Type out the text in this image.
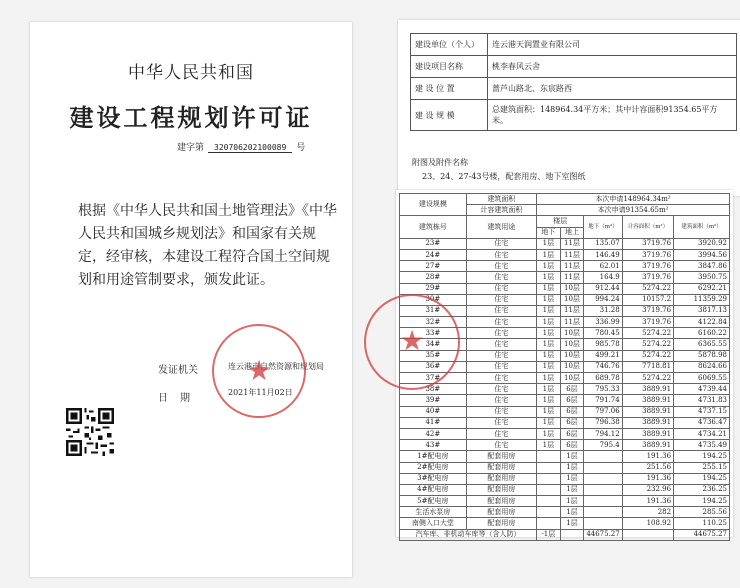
中华人民共和国
建设工程规划许可证
建字第 320706202100089 号
根据《中华人民共和国土地管理法》《中华人民共和国城乡规划法》和国家有关规定，经审核，本建设工程符合国土空间规划和用途管制要求，颁发此证。
发证机关	连云港市自然资源和规划局
日期
2021年11月02日
★
建设单位（个人）	连云港天润置业有限公司
建设项目名称	桃李春风云舍
建 设 位 置	蔷芦山路北、东宸路西
建 设 规 模	总建筑面积：148964.34平方米；其中计容面积91354.65平方米。
附图及附件名称
23、24、27-43号楼，配套用房、地下室图纸
建设规模	建筑面积	本次申请148964.34m²				
	计容建筑面积	本次申请91354.65m²				
建筑栋号	建筑用途	楼层		地下（m²）	计容面积（m²）	建筑面积（m²）
		地下	地上			
23#	住宅	1层	11层	135.07	3719.76	3920.92
24#	住宅	1层	11层	146.49	3719.76	3994.56
27#	住宅	1层	11层	62.01	3719.76	3847.86
28#	住宅	1层	11层	164.9	3719.76	3950.75
29#	住宅	1层	10层	912.44	5274.22	6292.21
30#	住宅	1层	10层	994.24	10157.2	11359.29
31#	住宅	1层	11层	31.28	3719.76	3817.13
32#	住宅	1层	11层	336.99	3719.76	4122.84
33#	住宅	1层	10层	780.45	5274.22	6160.22
34#	住宅	1层	10层	985.78	5274.22	6365.55
35#	住宅	1层	10层	499.21	5274.22	5878.98
36#	住宅	1层	10层	746.76	7718.81	8624.66
37#	住宅	1层	10层	689.78	5274.22	6069.55
38#	住宅	1层	6层	795.33	3889.91	4739.44
39#	住宅	1层	6层	791.74	3889.91	4731.83
40#	住宅	1层	6层	797.06	3889.91	4737.15
41#	住宅	1层	6层	796.38	3889.91	4736.47
42#	住宅	1层	6层	794.12	3889.91	4734.21
43#	住宅	1层	6层	795.4	3889.91	4735.49
1#配电房	配套用房		1层		191.36	194.25
2#配电房	配套用房		1层		251.56	255.15
3#配电房	配套用房		1层		191.36	194.25
4#配电房	配套用房		1层		232.96	236.25
5#配电房	配套用房		1层		191.36	194.25
生活水泵房	配套用房		1层		282	285.56
南侧入口大堂	配套用房		1层		108.92	110.25
汽车库、非机动车库等（含人防）		-1层		44675.27		44675.27
★
